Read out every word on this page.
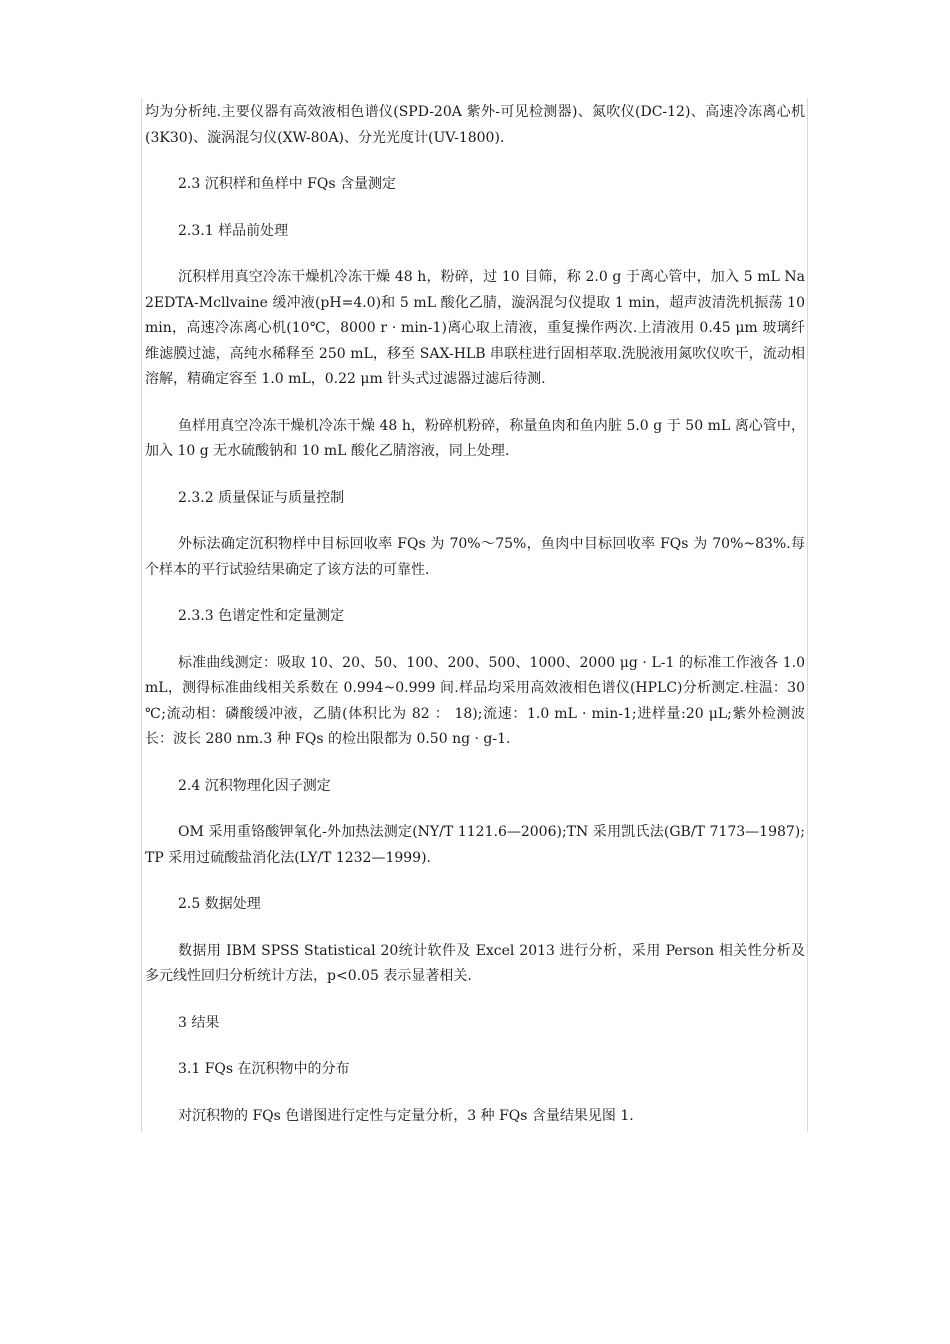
均为分析纯.主要仪器有高效液相色谱仪(SPD-20A 紫外-可见检测器)、氮吹仪(DC-12)、高速冷冻离心机(3K30)、漩涡混匀仪(XW-80A)、分光光度计(UV-1800).

2.3 沉积样和鱼样中 FQs 含量测定

2.3.1 样品前处理

沉积样用真空冷冻干燥机冷冻干燥 48 h，粉碎，过 10 目筛，称 2.0 g 于离心管中，加入 5 mL Na2EDTA-Mcllvaine 缓冲液(pH=4.0)和 5 mL 酸化乙腈，漩涡混匀仪提取 1 min，超声波清洗机振荡 10 min，高速冷冻离心机(10℃，8000 r · min-1)离心取上清液，重复操作两次.上清液用 0.45 μm 玻璃纤维滤膜过滤，高纯水稀释至 250 mL，移至 SAX-HLB 串联柱进行固相萃取.洗脱液用氮吹仪吹干，流动相溶解，精确定容至 1.0 mL，0.22 μm 针头式过滤器过滤后待测.

鱼样用真空冷冻干燥机冷冻干燥 48 h，粉碎机粉碎，称量鱼肉和鱼内脏 5.0 g 于 50 mL 离心管中，加入 10 g 无水硫酸钠和 10 mL 酸化乙腈溶液，同上处理.

2.3.2 质量保证与质量控制

外标法确定沉积物样中目标回收率 FQs 为 70%～75%，鱼肉中目标回收率 FQs 为 70%~83%.每个样本的平行试验结果确定了该方法的可靠性.

2.3.3 色谱定性和定量测定

标准曲线测定：吸取 10、20、50、100、200、500、1000、2000 μg · L-1 的标准工作液各 1.0 mL，测得标准曲线相关系数在 0.994~0.999 间.样品均采用高效液相色谱仪(HPLC)分析测定.柱温：30 ℃;流动相：磷酸缓冲液，乙腈(体积比为 82 ： 18);流速：1.0 mL · min-1;进样量:20 μL;紫外检测波长：波长 280 nm.3 种 FQs 的检出限都为 0.50 ng · g-1.

2.4 沉积物理化因子测定

OM 采用重铬酸钾氧化-外加热法测定(NY/T 1121.6—2006);TN 采用凯氏法(GB/T 7173—1987); TP 采用过硫酸盐消化法(LY/T 1232—1999).

2.5 数据处理

数据用 IBM SPSS Statistical 20统计软件及 Excel 2013 进行分析，采用 Person 相关性分析及多元线性回归分析统计方法，p<0.05 表示显著相关.

3 结果

3.1 FQs 在沉积物中的分布

对沉积物的 FQs 色谱图进行定性与定量分析，3 种 FQs 含量结果见图 1.
